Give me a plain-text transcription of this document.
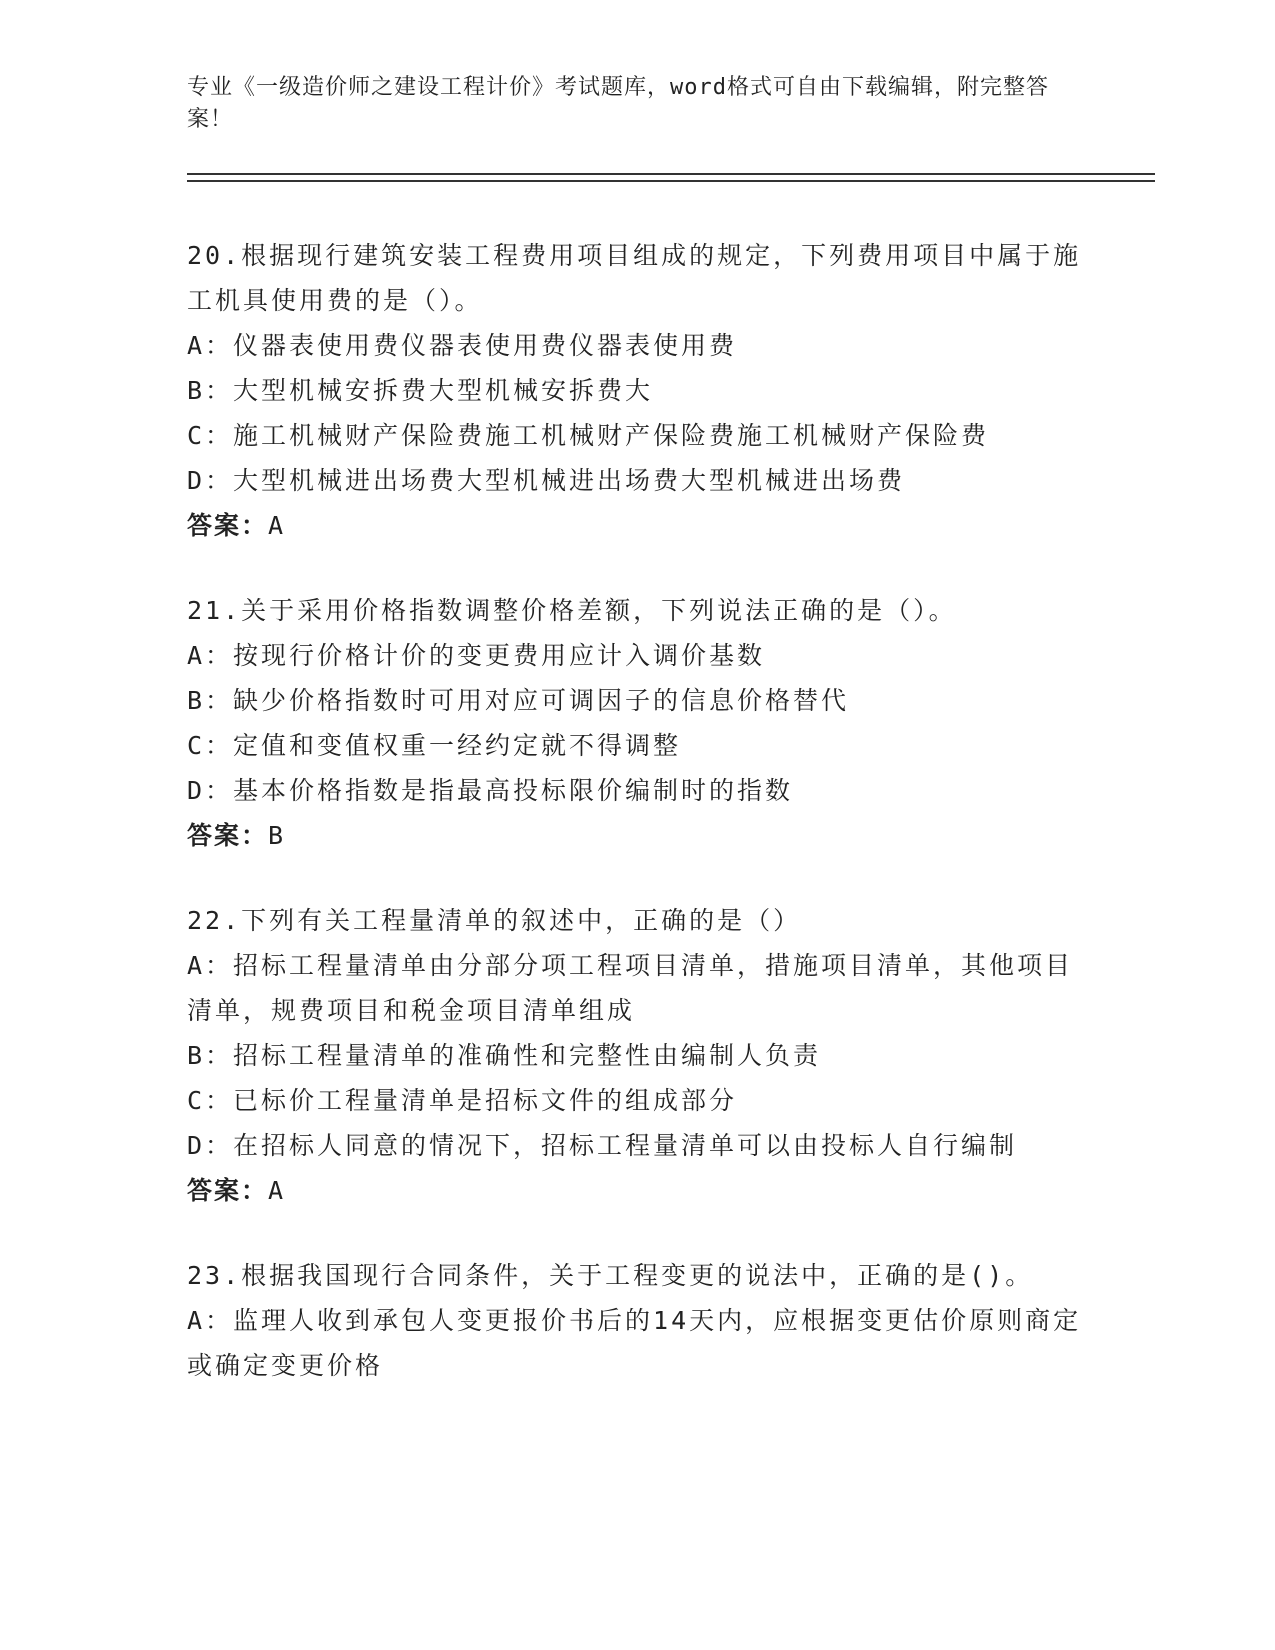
专业《一级造价师之建设工程计价》考试题库，word格式可自由下载编辑，附完整答案！
20.根据现行建筑安装工程费用项目组成的规定，下列费用项目中属于施工机具使用费的是（）。
A：仪器表使用费仪器表使用费仪器表使用费
B：大型机械安拆费大型机械安拆费大
C：施工机械财产保险费施工机械财产保险费施工机械财产保险费
D：大型机械进出场费大型机械进出场费大型机械进出场费
答案：A
21.关于采用价格指数调整价格差额，下列说法正确的是（）。
A：按现行价格计价的变更费用应计入调价基数
B：缺少价格指数时可用对应可调因子的信息价格替代
C：定值和变值权重一经约定就不得调整
D：基本价格指数是指最高投标限价编制时的指数
答案：B
22.下列有关工程量清单的叙述中，正确的是（）
A：招标工程量清单由分部分项工程项目清单，措施项目清单，其他项目清单，规费项目和税金项目清单组成
B：招标工程量清单的准确性和完整性由编制人负责
C：已标价工程量清单是招标文件的组成部分
D：在招标人同意的情况下，招标工程量清单可以由投标人自行编制
答案：A
23.根据我国现行合同条件，关于工程变更的说法中，正确的是()。
A：监理人收到承包人变更报价书后的14天内，应根据变更估价原则商定或确定变更价格
